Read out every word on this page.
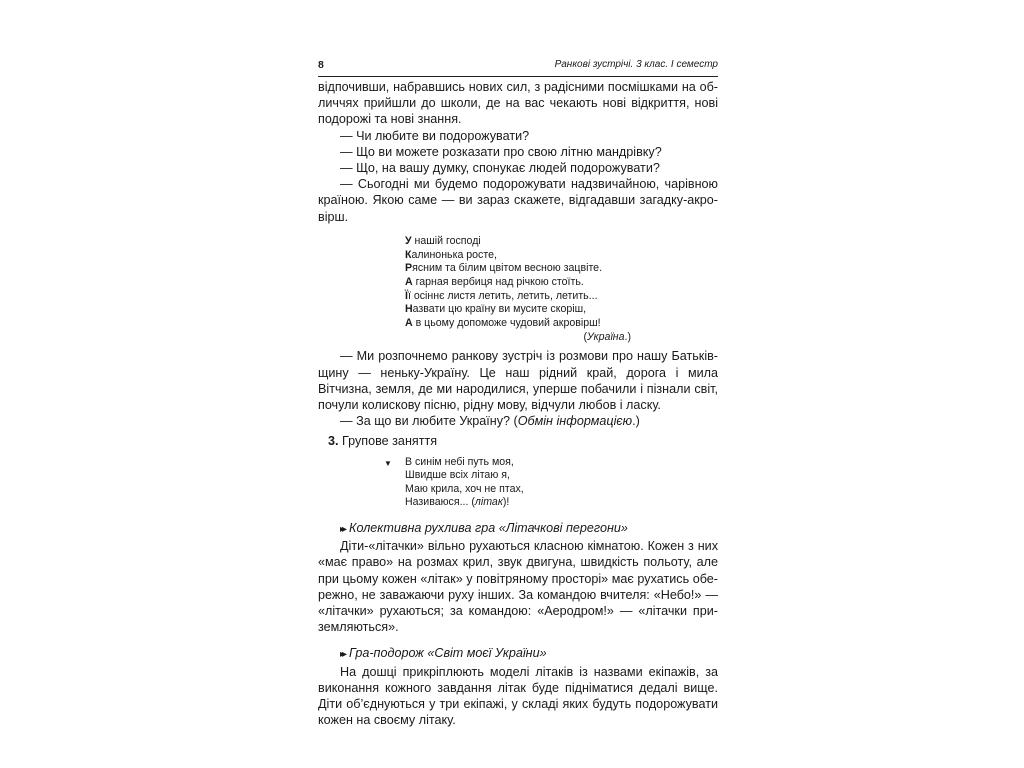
8	Ранкові зустрічі. 3 клас. І семестр

відпочивши, набравшись нових сил, з радісними посмішками на об-личчях прийшли до школи, де на вас чекають нові відкриття, нові подорожі та нові знання.

— Чи любите ви подорожувати?

— Що ви можете розказати про свою літню мандрівку?

— Що, на вашу думку, спонукає людей подорожувати?

— Сьогодні ми будемо подорожувати надзвичайною, чарівною країною. Якою саме — ви зараз скажете, відгадавши загадку-акро-вірш.

У нашій господі
Калинонька росте,
Рясним та білим цвітом весною зацвіте.
А гарная вербиця над річкою стоїть.
Її осіннє листя летить, летить, летить...
Назвати цю країну ви мусите скоріш,
А в цьому допоможе чудовий акровірш!
(Україна.)

— Ми розпочнемо ранкову зустріч із розмови про нашу Батьків-щину — неньку-Україну. Це наш рідний край, дорога і мила Вітчизна, земля, де ми народилися, уперше побачили і пізнали світ, почули колискову пісню, рідну мову, відчули любов і ласку.

— За що ви любите Україну? (Обмін інформацією.)

3. Групове заняття

▼	В синім небі путь моя,
Швидше всіх літаю я,
Маю крила, хоч не птах,
Називаюся... (літак)!
▸▸ Колективна рухлива гра «Літачкові перегони»

Діти-«літачки» вільно рухаються класною кімнатою. Кожен з них «має право» на розмах крил, звук двигуна, швидкість польоту, але при цьому кожен «літак» у повітряному просторі» має рухатись обе-режно, не заважаючи руху інших. За командою вчителя: «Небо!» — «літачки» рухаються; за командою: «Аеродром!» — «літачки при-земляються».

▸▸ Гра-подорож «Світ моєї України»

На дошці прикріплюють моделі літаків із назвами екіпажів, за виконання кожного завдання літак буде підніматися дедалі вище. Діти об’єднуються у три екіпажі, у складі яких будуть подорожувати кожен на своєму літаку.
